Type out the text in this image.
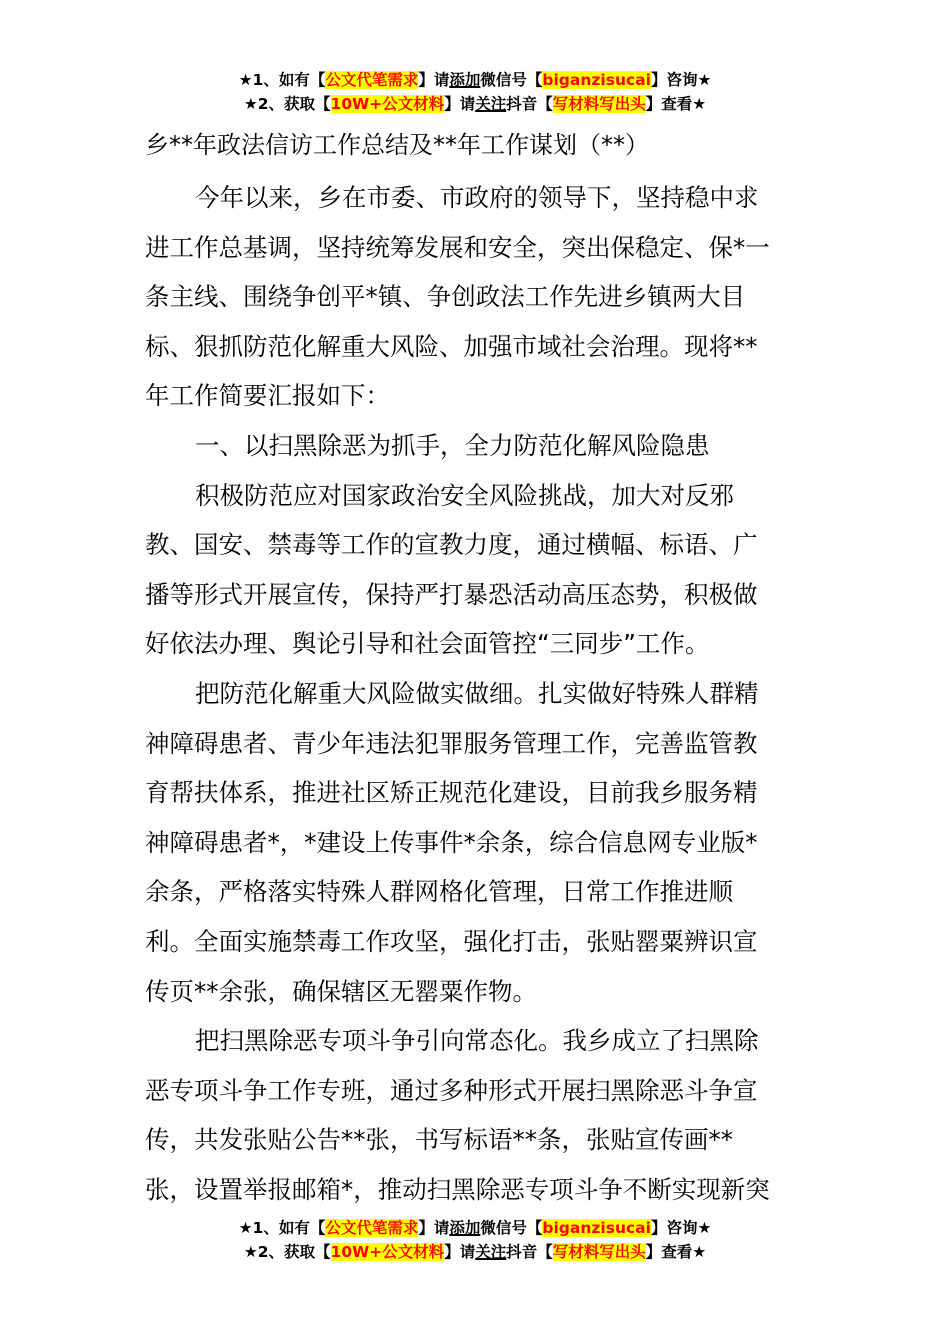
★1、如有【公文代笔需求】请添加微信号【biganzisucai】咨询★
★2、获取【10W+公文材料】请关注抖音【写材料写出头】查看★
乡**年政法信访工作总结及**年工作谋划（**）
今年以来，乡在市委、市政府的领导下，坚持稳中求
进工作总基调，坚持统筹发展和安全，突出保稳定、保*一
条主线、围绕争创平*镇、争创政法工作先进乡镇两大目
标、狠抓防范化解重大风险、加强市域社会治理。现将**
年工作简要汇报如下：
一、以扫黑除恶为抓手，全力防范化解风险隐患
积极防范应对国家政治安全风险挑战，加大对反邪
教、国安、禁毒等工作的宣教力度，通过横幅、标语、广
播等形式开展宣传，保持严打暴恐活动高压态势，积极做
好依法办理、舆论引导和社会面管控“三同步”工作。
把防范化解重大风险做实做细。扎实做好特殊人群精
神障碍患者、青少年违法犯罪服务管理工作，完善监管教
育帮扶体系，推进社区矫正规范化建设，目前我乡服务精
神障碍患者*，*建设上传事件*余条，综合信息网专业版*
余条，严格落实特殊人群网格化管理，日常工作推进顺
利。全面实施禁毒工作攻坚，强化打击，张贴罂粟辨识宣
传页**余张，确保辖区无罂粟作物。
把扫黑除恶专项斗争引向常态化。我乡成立了扫黑除
恶专项斗争工作专班，通过多种形式开展扫黑除恶斗争宣
传，共发张贴公告**张，书写标语**条，张贴宣传画**
张，设置举报邮箱*，推动扫黑除恶专项斗争不断实现新突
★1、如有【公文代笔需求】请添加微信号【biganzisucai】咨询★
★2、获取【10W+公文材料】请关注抖音【写材料写出头】查看★
